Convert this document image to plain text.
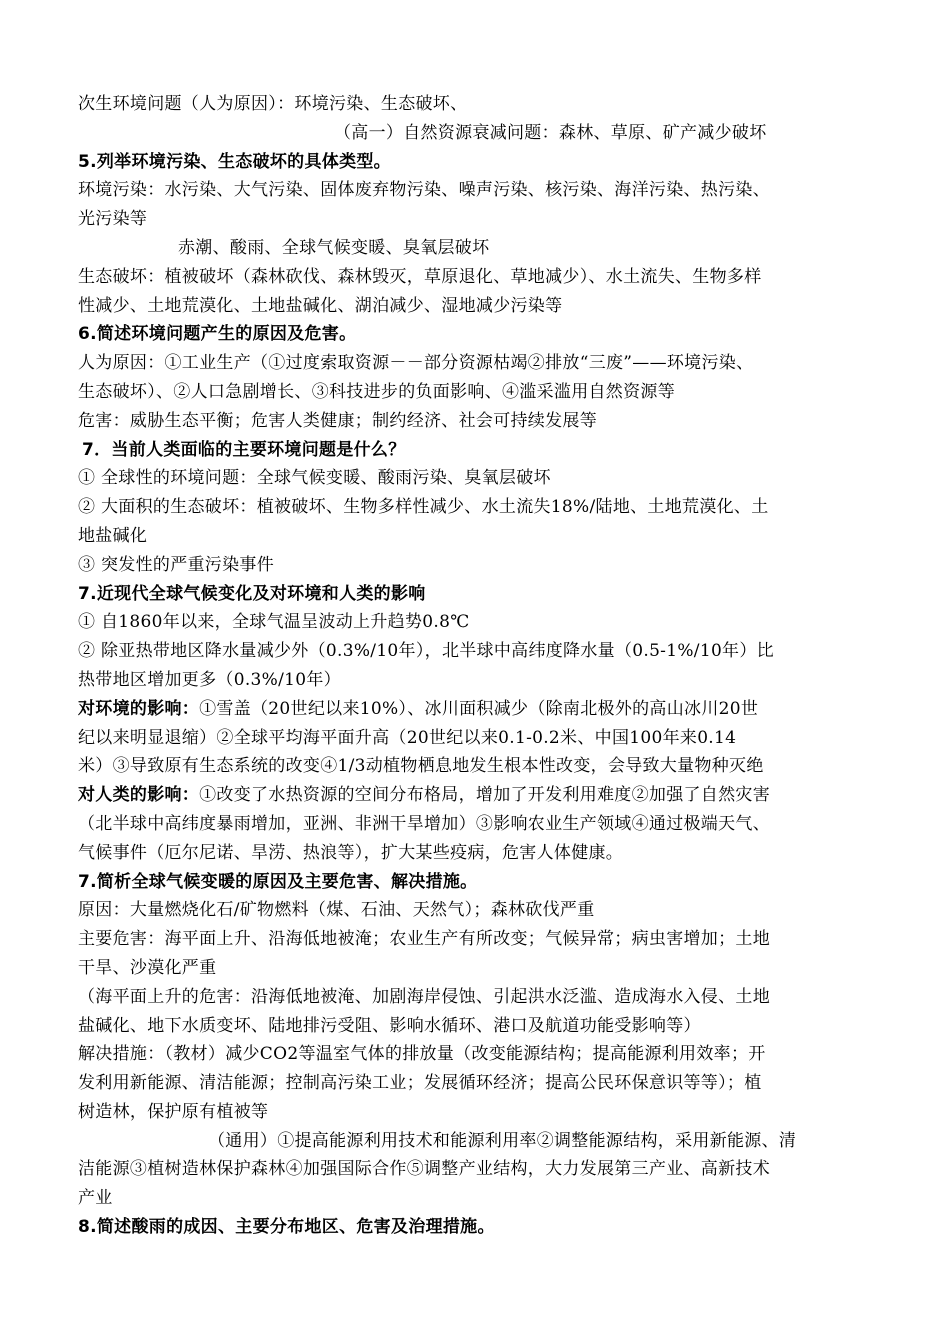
次生环境问题（人为原因）：环境污染、生态破坏、
（高一）自然资源衰减问题：森林、草原、矿产减少破坏
5.列举环境污染、生态破坏的具体类型。
环境污染：水污染、大气污染、固体废弃物污染、噪声污染、核污染、海洋污染、热污染、
光污染等
赤潮、酸雨、全球气候变暖、臭氧层破坏
生态破坏：植被破坏（森林砍伐、森林毁灭，草原退化、草地减少）、水土流失、生物多样
性减少、土地荒漠化、土地盐碱化、湖泊减少、湿地减少污染等
6.简述环境问题产生的原因及危害。
人为原因：①工业生产（①过度索取资源－－部分资源枯竭②排放“三废”——环境污染、
生态破坏）、②人口急剧增长、③科技进步的负面影响、④滥采滥用自然资源等
危害：威胁生态平衡；危害人类健康；制约经济、社会可持续发展等
7．当前人类面临的主要环境问题是什么？
① 全球性的环境问题：全球气候变暖、酸雨污染、臭氧层破坏
② 大面积的生态破坏：植被破坏、生物多样性减少、水土流失18%/陆地、土地荒漠化、土
地盐碱化
③ 突发性的严重污染事件
7.近现代全球气候变化及对环境和人类的影响
① 自1860年以来，全球气温呈波动上升趋势0.8℃
② 除亚热带地区降水量减少外（0.3%/10年），北半球中高纬度降水量（0.5-1%/10年）比
热带地区增加更多（0.3%/10年）
对环境的影响：①雪盖（20世纪以来10%）、冰川面积减少（除南北极外的高山冰川20世
纪以来明显退缩）②全球平均海平面升高（20世纪以来0.1-0.2米、中国100年来0.14
米）③导致原有生态系统的改变④1/3动植物栖息地发生根本性改变，会导致大量物种灭绝
对人类的影响：①改变了水热资源的空间分布格局，增加了开发利用难度②加强了自然灾害
（北半球中高纬度暴雨增加，亚洲、非洲干旱增加）③影响农业生产领域④通过极端天气、
气候事件（厄尔尼诺、旱涝、热浪等），扩大某些疫病，危害人体健康。
7.简析全球气候变暖的原因及主要危害、解决措施。
原因：大量燃烧化石/矿物燃料（煤、石油、天然气）；森林砍伐严重
主要危害：海平面上升、沿海低地被淹；农业生产有所改变；气候异常；病虫害增加；土地
干旱、沙漠化严重
（海平面上升的危害：沿海低地被淹、加剧海岸侵蚀、引起洪水泛滥、造成海水入侵、土地
盐碱化、地下水质变坏、陆地排污受阻、影响水循环、港口及航道功能受影响等）
解决措施：（教材）减少CO2等温室气体的排放量（改变能源结构；提高能源利用效率；开
发利用新能源、清洁能源；控制高污染工业；发展循环经济；提高公民环保意识等等）；植
树造林，保护原有植被等
（通用）①提高能源利用技术和能源利用率②调整能源结构，采用新能源、清
洁能源③植树造林保护森林④加强国际合作⑤调整产业结构，大力发展第三产业、高新技术
产业
8.简述酸雨的成因、主要分布地区、危害及治理措施。
